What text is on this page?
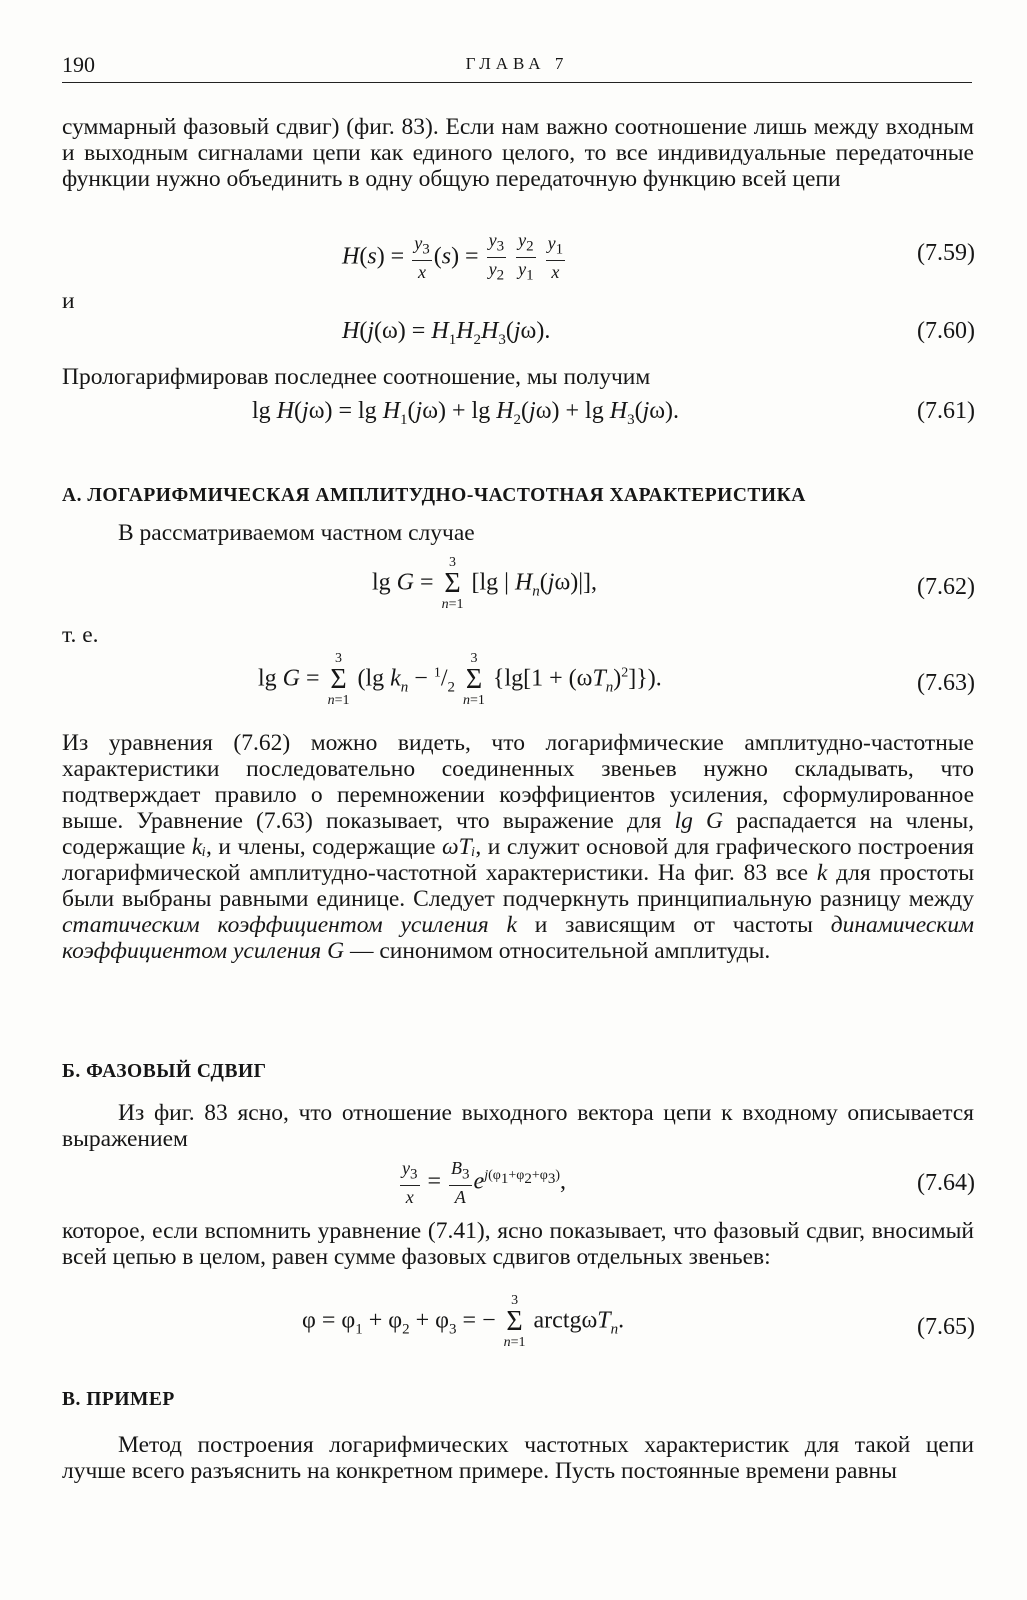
190	ГЛАВА 7

суммарный фазовый сдвиг) (фиг. 83). Если нам важно соотношение лишь между входным и выходным сигналами цепи как единого целого, то все индивидуальные передаточные функции нужно объединить в одну общую передаточную функцию всей цепи

$H(s) = \frac{y_3}{x} (s) = \frac{y_3}{y_2}$
$\frac{y_2}{y_1}$
$\frac{y_1}{x}$	(7.59)

и

$H(j(\omega) = H_1H_2H_3(j\omega)$.	(7.60)

Прологарифмировав последнее соотношение, мы получим

$\lg H(j\omega) = \lg H_1(j\omega) + \lg H_2(j\omega) + \lg H_3(j\omega)$.	(7.61)
А. ЛОГАРИФМИЧЕСКАЯ АМПЛИТУДНО-ЧАСТОТНАЯ ХАРАКТЕРИСТИКА

В рассматриваемом частном случае

lg G =
3
Σ
n=1
[lg | $H_n(j\omega)|$],	(7.62)

т. е.

lg G =
3
Σ
n=1
(lg $k_n - ^1/_2$
3
Σ
n=1
$\{\lg[1 + (\omega T_n)^2]\}$).	(7.63)

Из уравнения (7.62) можно видеть, что логарифмические амплитудно-частотные характеристики последовательно соединенных звеньев нужно складывать, что подтверждает правило о перемножении коэффициентов усиления, сформулированное выше. Уравнение (7.63) показывает, что выражение для lg G распадается на члены, содержащие kᵢ, и члены, содержащие ωTᵢ, и служит основой для графического построения логарифмической амплитудно-частотной характеристики. На фиг. 83 все k для простоты были выбраны равными единице. Следует подчеркнуть принципиальную разницу между статическим коэффициентом усиления k и зависящим от частоты динамическим коэффициентом усиления G — синонимом относительной амплитуды.

Б. ФАЗОВЫЙ СДВИГ

Из фиг. 83 ясно, что отношение выходного вектора цепи к входному описывается выражением

$\frac{y_3}{x} = \frac{B_3}{A} e^{j(\varphi_1+\varphi_2+\varphi_3)}$,	(7.64)

которое, если вспомнить уравнение (7.41), ясно показывает, что фазовый сдвиг, вносимый всей цепью в целом, равен сумме фазовых сдвигов отдельных звеньев:

$\varphi = \varphi_1 + \varphi_2 + \varphi_3$ = −
3
Σ
n=1
arctgωT$_n$.	(7.65)
В. ПРИМЕР

Метод построения логарифмических частотных характеристик для такой цепи лучше всего разъяснить на конкретном примере. Пусть постоянные времени равны
